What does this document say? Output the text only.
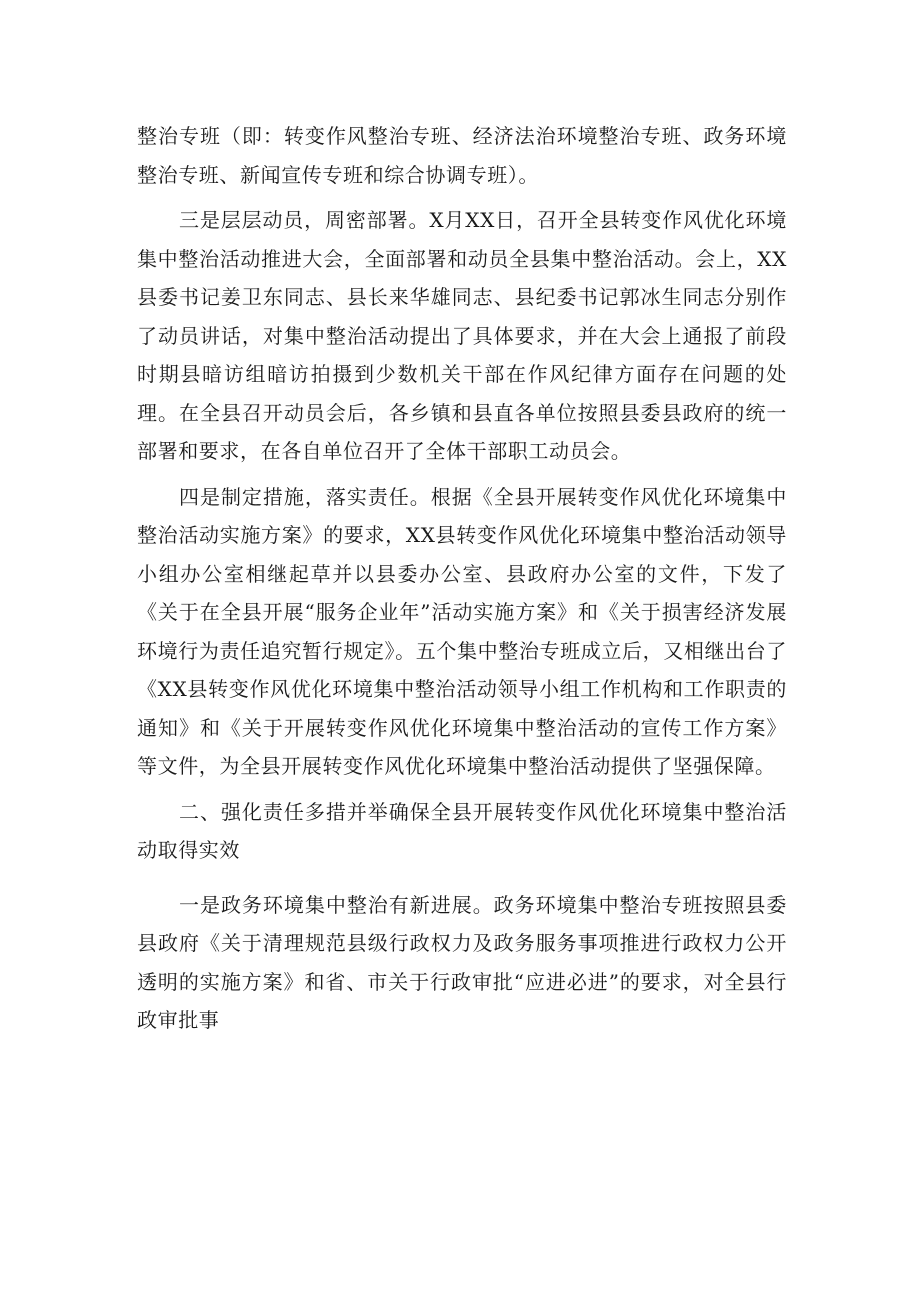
整治专班（即：转变作风整治专班、经济法治环境整治专班、政务环境整治专班、新闻宣传专班和综合协调专班）。

三是层层动员，周密部署。X月XX日，召开全县转变作风优化环境集中整治活动推进大会，全面部署和动员全县集中整治活动。会上，XX县委书记姜卫东同志、县长来华雄同志、县纪委书记郭冰生同志分别作了动员讲话，对集中整治活动提出了具体要求，并在大会上通报了前段时期县暗访组暗访拍摄到少数机关干部在作风纪律方面存在问题的处理。在全县召开动员会后，各乡镇和县直各单位按照县委县政府的统一部署和要求，在各自单位召开了全体干部职工动员会。

四是制定措施，落实责任。根据《全县开展转变作风优化环境集中整治活动实施方案》的要求，XX县转变作风优化环境集中整治活动领导小组办公室相继起草并以县委办公室、县政府办公室的文件，下发了《关于在全县开展“服务企业年”活动实施方案》和《关于损害经济发展环境行为责任追究暂行规定》。五个集中整治专班成立后，又相继出台了《XX县转变作风优化环境集中整治活动领导小组工作机构和工作职责的通知》和《关于开展转变作风优化环境集中整治活动的宣传工作方案》等文件，为全县开展转变作风优化环境集中整治活动提供了坚强保障。

二、强化责任多措并举确保全县开展转变作风优化环境集中整治活动取得实效

一是政务环境集中整治有新进展。政务环境集中整治专班按照县委县政府《关于清理规范县级行政权力及政务服务事项推进行政权力公开透明的实施方案》和省、市关于行政审批“应进必进”的要求，对全县行政审批事
